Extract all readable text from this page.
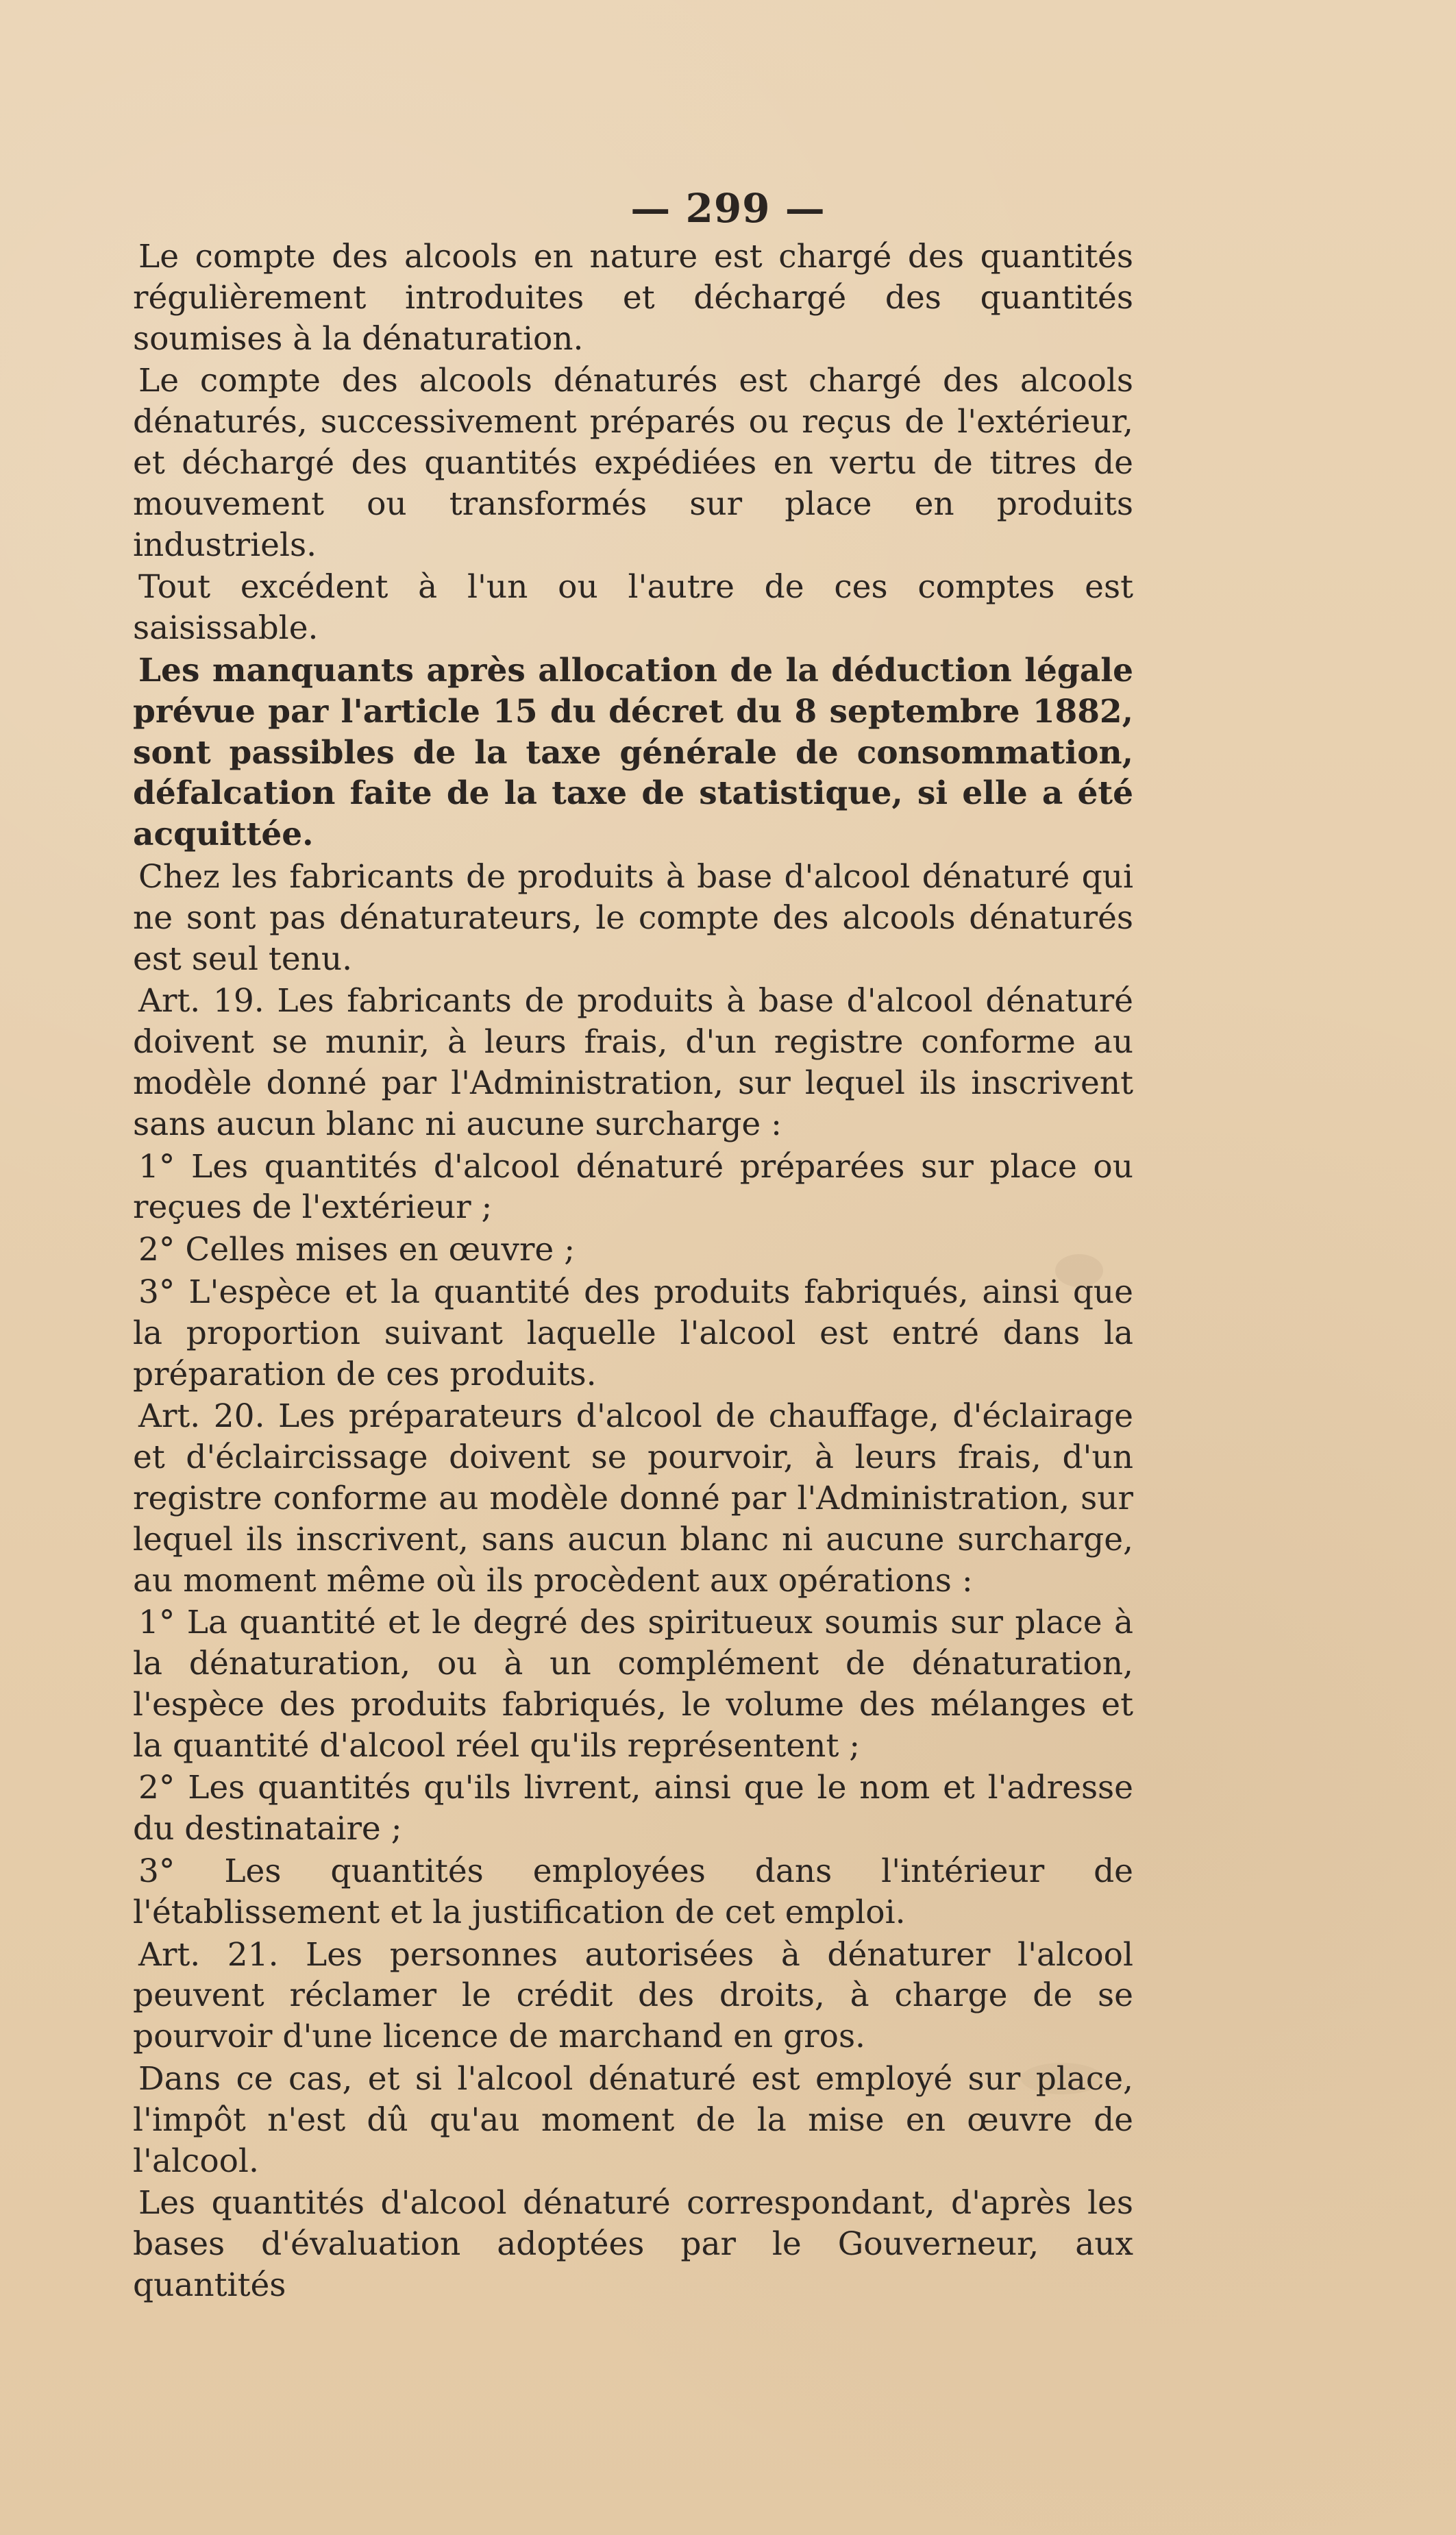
— 299 —

Le compte des alcools en nature est chargé des quantités régulièrement introduites et déchargé des quantités soumises à la dénaturation.

Le compte des alcools dénaturés est chargé des alcools dénaturés, successivement préparés ou reçus de l'extérieur, et déchargé des quantités expédiées en vertu de titres de mouvement ou transformés sur place en produits industriels.

Tout excédent à l'un ou l'autre de ces comptes est saisissable.

Les manquants après allocation de la déduction légale prévue par l'article 15 du décret du 8 septembre 1882, sont passibles de la taxe générale de consommation, défalcation faite de la taxe de statistique, si elle a été acquittée.

Chez les fabricants de produits à base d'alcool dénaturé qui ne sont pas dénaturateurs, le compte des alcools dénaturés est seul tenu.

Art. 19. Les fabricants de produits à base d'alcool dénaturé doivent se munir, à leurs frais, d'un registre conforme au modèle donné par l'Administration, sur lequel ils inscrivent sans aucun blanc ni aucune surcharge :

1° Les quantités d'alcool dénaturé préparées sur place ou reçues de l'extérieur ;

2° Celles mises en œuvre ;

3° L'espèce et la quantité des produits fabriqués, ainsi que la proportion suivant laquelle l'alcool est entré dans la préparation de ces produits.

Art. 20. Les préparateurs d'alcool de chauffage, d'éclairage et d'éclaircissage doivent se pourvoir, à leurs frais, d'un registre conforme au modèle donné par l'Administration, sur lequel ils inscrivent, sans aucun blanc ni aucune surcharge, au moment même où ils procèdent aux opérations :

1° La quantité et le degré des spiritueux soumis sur place à la dénaturation, ou à un complément de dénaturation, l'espèce des produits fabriqués, le volume des mélanges et la quantité d'alcool réel qu'ils représentent ;

2° Les quantités qu'ils livrent, ainsi que le nom et l'adresse du destinataire ;

3° Les quantités employées dans l'intérieur de l'établissement et la justification de cet emploi.

Art. 21. Les personnes autorisées à dénaturer l'alcool peuvent réclamer le crédit des droits, à charge de se pourvoir d'une licence de marchand en gros.

Dans ce cas, et si l'alcool dénaturé est employé sur place, l'impôt n'est dû qu'au moment de la mise en œuvre de l'alcool.

Les quantités d'alcool dénaturé correspondant, d'après les bases d'évaluation adoptées par le Gouverneur, aux quantités
